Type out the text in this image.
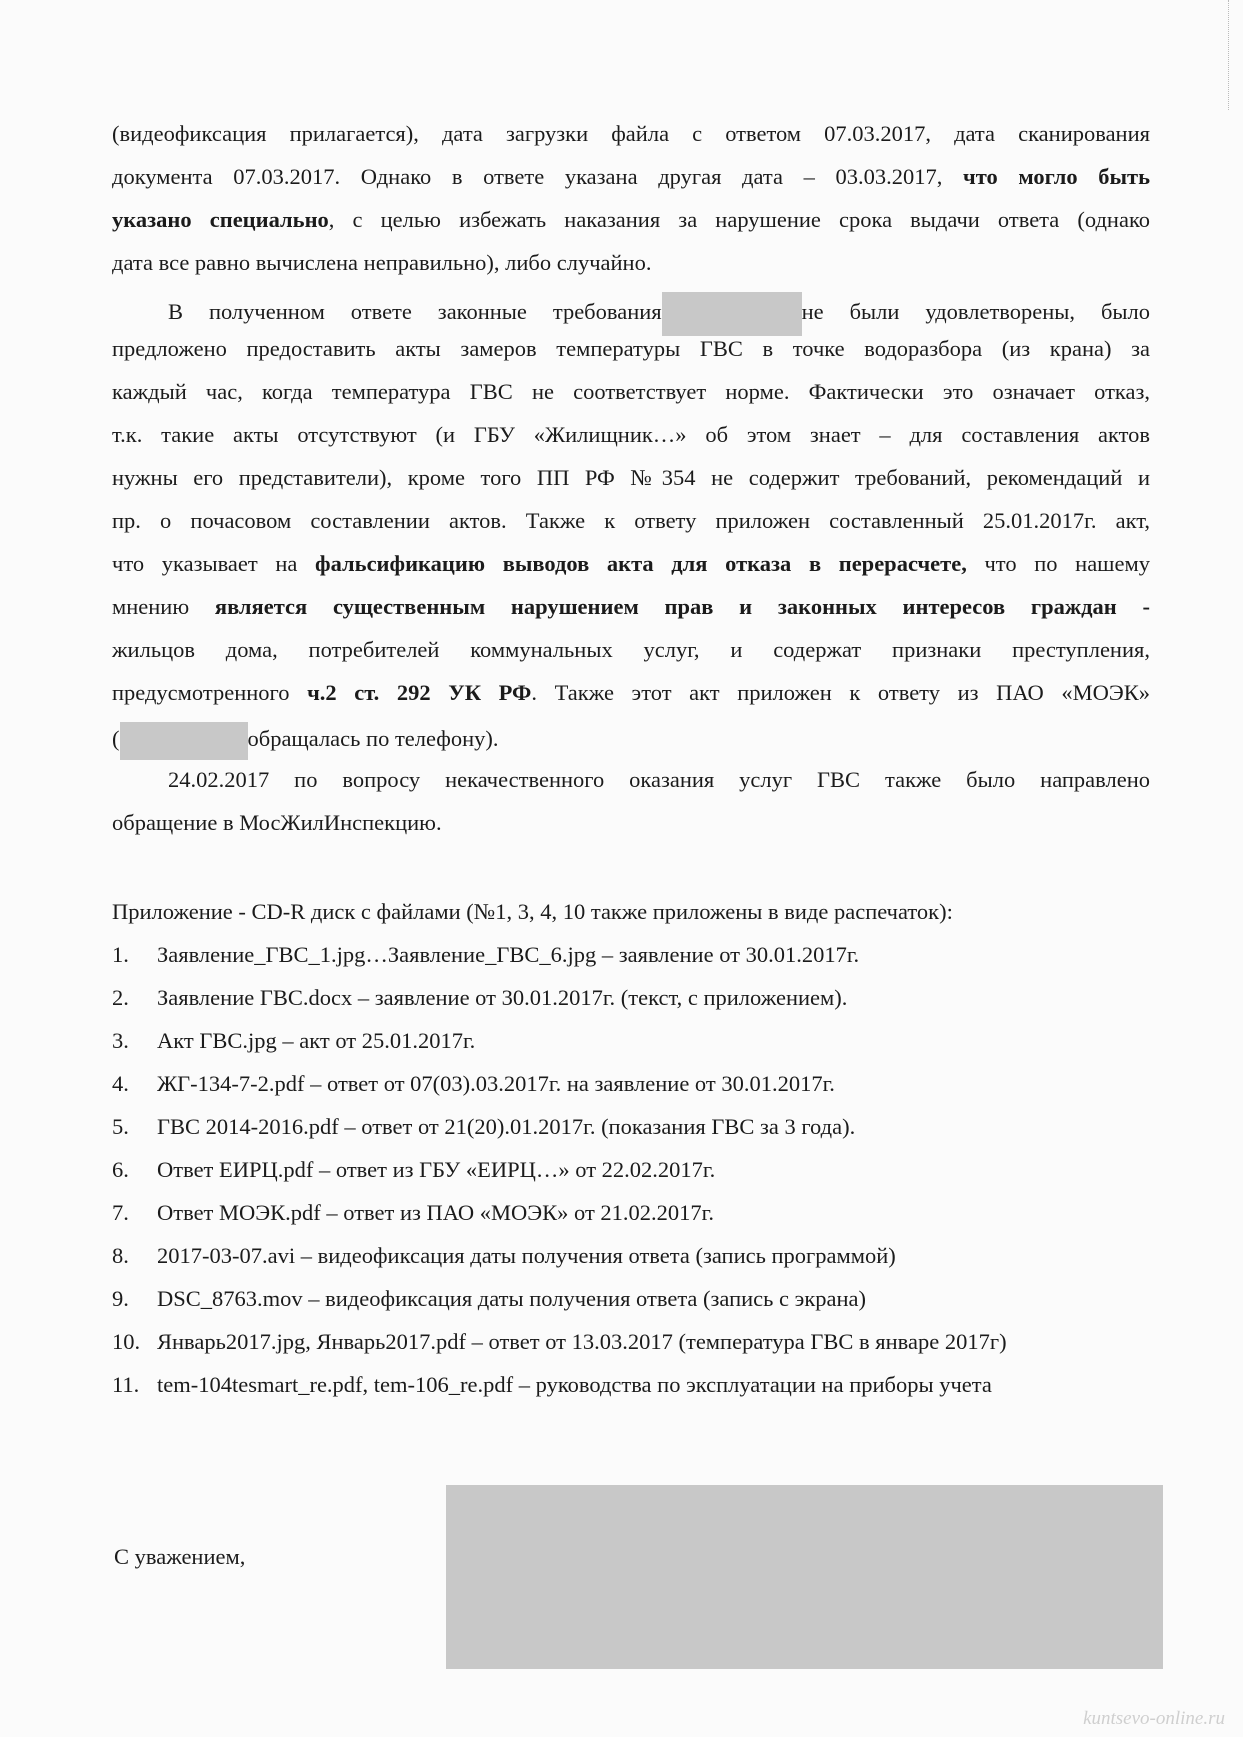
(видеофиксация прилагается), дата загрузки файла с ответом 07.03.2017, дата сканирования
документа 07.03.2017. Однако в ответе указана другая дата – 03.03.2017, что могло быть
указано специально, с целью избежать наказания за нарушение срока выдачи ответа (однако
дата все равно вычислена неправильно), либо случайно.
В полученном ответе законные требования	не были удовлетворены, было
предложено предоставить акты замеров температуры ГВС в точке водоразбора (из крана) за
каждый час, когда температура ГВС не соответствует норме. Фактически это означает отказ,
т.к. такие акты отсутствуют (и ГБУ «Жилищник…» об этом знает – для составления актов
нужны его представители), кроме того ПП РФ №354 не содержит требований, рекомендаций и
пр. о почасовом составлении актов. Также к ответу приложен составленный 25.01.2017г. акт,
что указывает на фальсификацию выводов акта для отказа в перерасчете, что по нашему
мнению является существенным нарушением прав и законных интересов граждан -
жильцов дома, потребителей коммунальных услуг, и содержат признаки преступления,
предусмотренного ч.2 ст. 292 УК РФ. Также этот акт приложен к ответу из ПАО «МОЭК»
(	обращалась по телефону).
24.02.2017 по вопросу некачественного оказания услуг ГВС также было направлено
обращение в МосЖилИнспекцию.
Приложение - CD-R диск с файлами (№1, 3, 4, 10 также приложены в виде распечаток):
1. Заявление_ГВС_1.jpg…Заявление_ГВС_6.jpg – заявление от 30.01.2017г.
2. Заявление ГВС.docx – заявление от 30.01.2017г. (текст, с приложением).
3. Акт ГВС.jpg – акт от 25.01.2017г.
4. ЖГ-134-7-2.pdf – ответ от 07(03).03.2017г. на заявление от 30.01.2017г.
5. ГВС 2014-2016.pdf – ответ от 21(20).01.2017г. (показания ГВС за 3 года).
6. Ответ ЕИРЦ.pdf – ответ из ГБУ «ЕИРЦ…» от 22.02.2017г.
7. Ответ МОЭК.pdf – ответ из ПАО «МОЭК» от 21.02.2017г.
8. 2017-03-07.avi – видеофиксация даты получения ответа (запись программой)
9. DSC_8763.mov – видеофиксация даты получения ответа (запись с экрана)
10. Январь2017.jpg, Январь2017.pdf – ответ от 13.03.2017 (температура ГВС в январе 2017г)
11. tem-104tesmart_re.pdf, tem-106_re.pdf – руководства по эксплуатации на приборы учета
С уважением,
kuntsevo-online.ru
